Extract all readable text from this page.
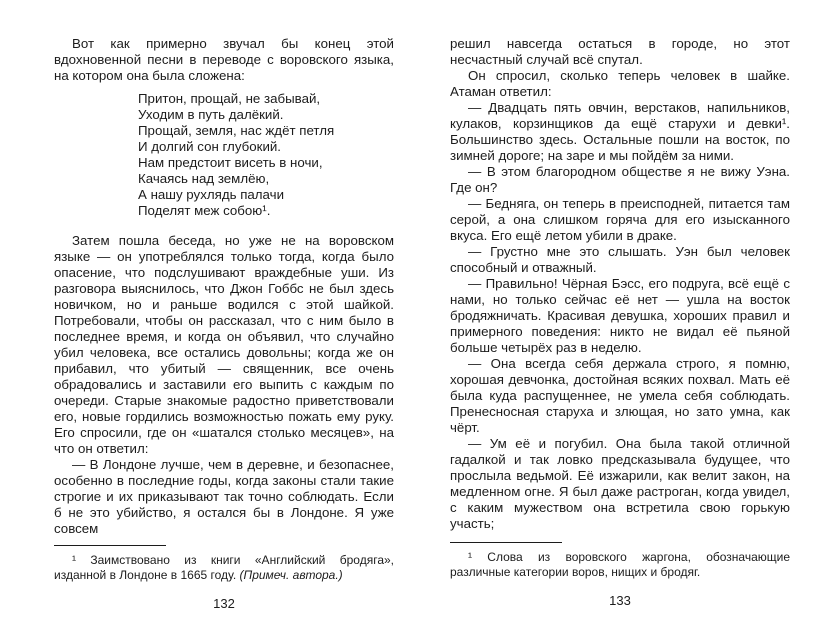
Вот как примерно звучал бы конец этой вдохновенной песни в переводе с воровского языка, на котором она была сложена:

Притон, прощай, не забывай,
Уходим в путь далёкий.
Прощай, земля, нас ждёт петля
И долгий сон глубокий.
Нам предстоит висеть в ночи,
Качаясь над землёю,
А нашу рухлядь палачи
Поделят меж собою¹.

Затем пошла беседа, но уже не на воровском языке — он употреблялся только тогда, когда было опасение, что подслушивают враждебные уши. Из разговора выяснилось, что Джон Гоббс не был здесь новичком, но и раньше водился с этой шайкой. Потребовали, чтобы он рассказал, что с ним было в последнее время, и когда он объявил, что случайно убил человека, все остались довольны; когда же он прибавил, что убитый — священник, все очень обрадовались и заставили его выпить с каждым по очереди. Старые знакомые радостно приветствовали его, новые гордились возможностью пожать ему руку. Его спросили, где он «шатался столько месяцев», на что он ответил:

— В Лондоне лучше, чем в деревне, и безопаснее, особенно в последние годы, когда законы стали такие строгие и их приказывают так точно соблюдать. Если б не это убийство, я остался бы в Лондоне. Я уже совсем

¹ Заимствовано из книги «Английский бродяга», изданной в Лондоне в 1665 году. (Примеч. автора.)

132

решил навсегда остаться в городе, но этот несчастный случай всё спутал.

Он спросил, сколько теперь человек в шайке. Атаман ответил:

— Двадцать пять овчин, верстаков, напильников, кулаков, корзинщиков да ещё старухи и девки¹. Большинство здесь. Остальные пошли на восток, по зимней дороге; на заре и мы пойдём за ними.

— В этом благородном обществе я не вижу Уэна. Где он?

— Бедняга, он теперь в преисподней, питается там серой, а она слишком горяча для его изысканного вкуса. Его ещё летом убили в драке.

— Грустно мне это слышать. Уэн был человек способный и отважный.

— Правильно! Чёрная Бэсс, его подруга, всё ещё с нами, но только сейчас её нет — ушла на восток бродяжничать. Красивая девушка, хороших правил и примерного поведения: никто не видал её пьяной больше четырёх раз в неделю.

— Она всегда себя держала строго, я помню, хорошая девчонка, достойная всяких похвал. Мать её была куда распущеннее, не умела себя соблюдать. Пренесносная старуха и злющая, но зато умна, как чёрт.

— Ум её и погубил. Она была такой отличной гадалкой и так ловко предсказывала будущее, что прослыла ведьмой. Её изжарили, как велит закон, на медленном огне. Я был даже растроган, когда увидел, с каким мужеством она встретила свою горькую участь;

¹ Слова из воровского жаргона, обозначающие различные категории воров, нищих и бродяг.

133
